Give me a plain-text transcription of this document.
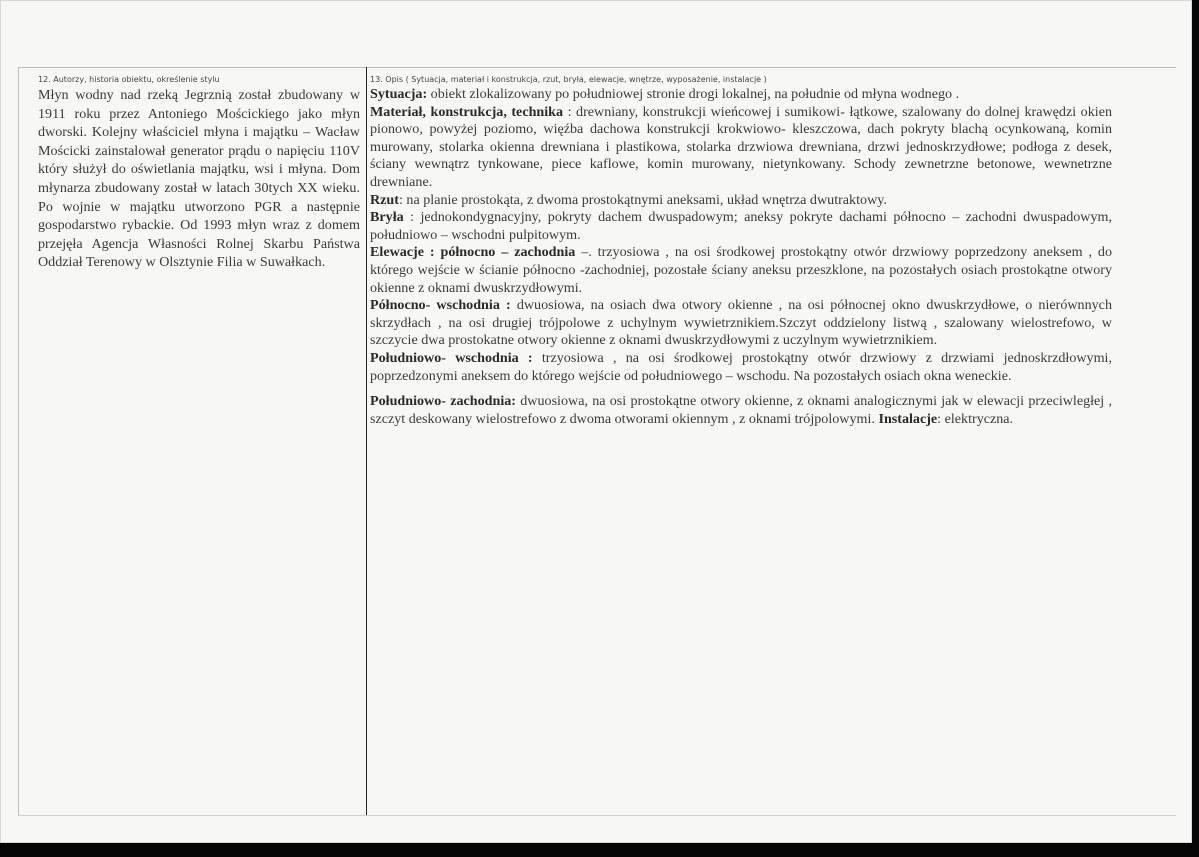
12. Autorzy, historia obiektu, określenie stylu

Młyn wodny nad rzeką Jegrznią został zbudowany w 1911 roku przez Antoniego Mościckiego jako młyn dworski. Kolejny właściciel młyna i majątku – Wacław Mościcki zainstalował generator prądu o napięciu 110V który służył do oświetlania majątku, wsi i młyna. Dom młynarza zbudowany został w latach 30tych XX wieku. Po wojnie w majątku utworzono PGR a następnie gospodarstwo rybackie. Od 1993 młyn wraz z domem przejęła Agencja Własności Rolnej Skarbu Państwa Oddział Terenowy w Olsztynie Filia w Suwałkach.

13. Opis ( Sytuacja, materiał i konstrukcja, rzut, bryła, elewacje, wnętrze, wyposażenie, instalacje )

Sytuacja: obiekt zlokalizowany po południowej stronie drogi lokalnej, na południe od młyna wodnego .

Materiał, konstrukcja, technika : drewniany, konstrukcji wieńcowej i sumikowi- łątkowe, szalowany do dolnej krawędzi okien pionowo, powyżej poziomo, więźba dachowa konstrukcji krokwiowo- kleszczowa, dach pokryty blachą ocynkowaną, komin murowany, stolarka okienna drewniana i plastikowa, stolarka drzwiowa drewniana, drzwi jednoskrzydłowe; podłoga z desek, ściany wewnątrz tynkowane, piece kaflowe, komin murowany, nietynkowany. Schody zewnetrzne betonowe, wewnetrzne drewniane.

Rzut: na planie prostokąta, z dwoma prostokątnymi aneksami, układ wnętrza dwutraktowy.

Bryła : jednokondygnacyjny, pokryty dachem dwuspadowym; aneksy pokryte dachami północno – zachodni dwuspadowym, południowo – wschodni pulpitowym.

Elewacje : północno – zachodnia –. trzyosiowa , na osi środkowej prostokątny otwór drzwiowy poprzedzony aneksem , do którego wejście w ścianie północno -zachodniej, pozostałe ściany aneksu przeszklone, na pozostałych osiach prostokątne otwory okienne z oknami dwuskrzydłowymi.

Północno- wschodnia : dwuosiowa, na osiach dwa otwory okienne , na osi północnej okno dwuskrzydłowe, o nierównnych skrzydłach , na osi drugiej trójpolowe z uchylnym wywietrznikiem.Szczyt oddzielony listwą , szalowany wielostrefowo, w szczycie dwa prostokatne otwory okienne z oknami dwuskrzydłowymi z uczylnym wywietrznikiem.

Południowo- wschodnia : trzyosiowa , na osi środkowej prostokątny otwór drzwiowy z drzwiami jednoskrzdłowymi, poprzedzonymi aneksem do którego wejście od południowego – wschodu. Na pozostałych osiach okna weneckie.

Południowo- zachodnia: dwuosiowa, na osi prostokątne otwory okienne, z oknami analogicznymi jak w elewacji przeciwległej , szczyt deskowany wielostrefowo z dwoma otworami okiennym , z oknami trójpolowymi. Instalacje: elektryczna.
